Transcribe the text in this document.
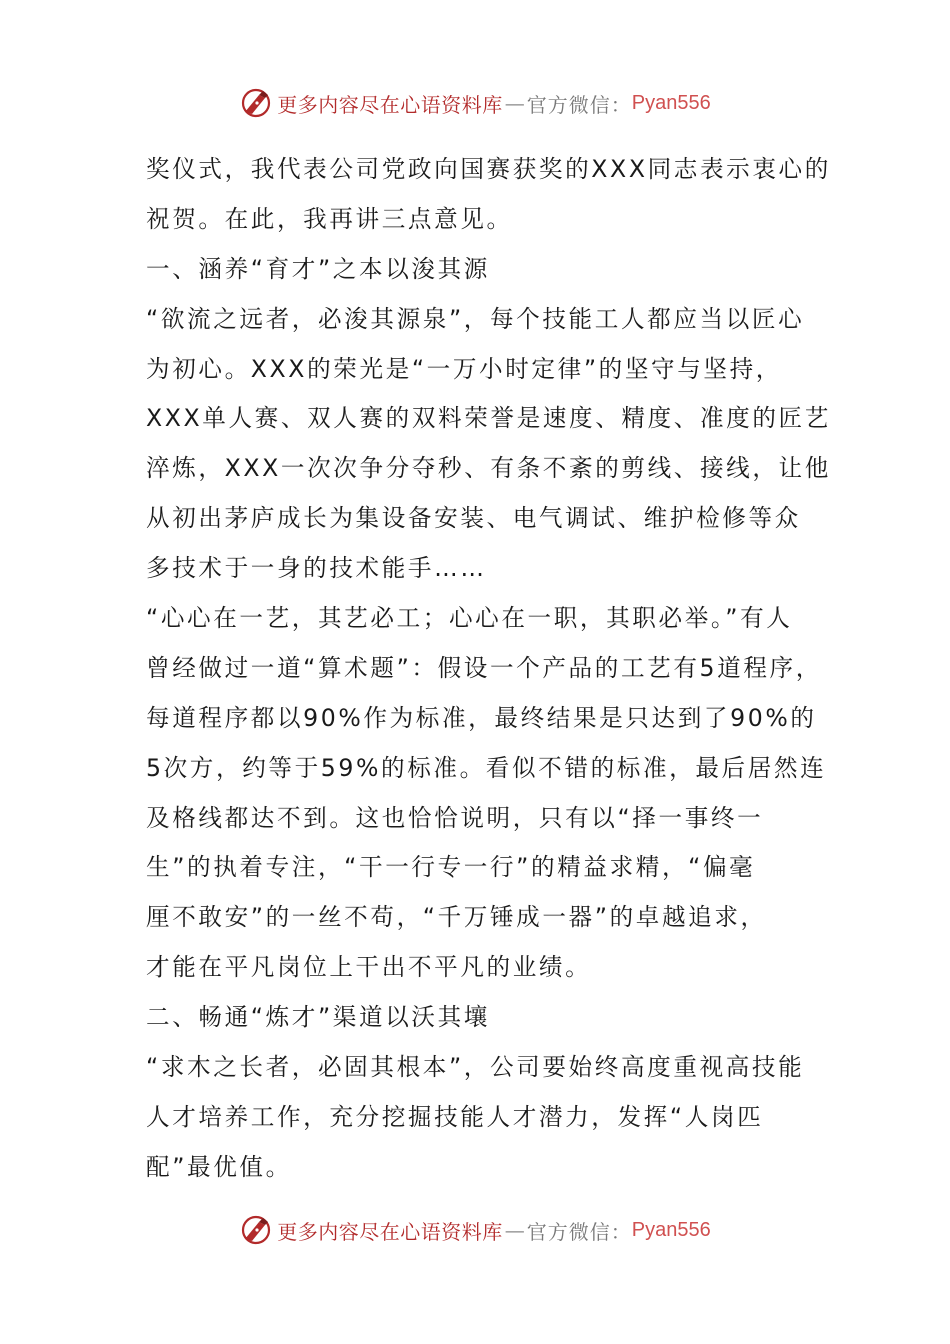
更多内容尽在心语资料库 — 官方微信： Pyan556
奖仪式，我代表公司党政向国赛获奖的XXX同志表示衷心的
祝贺。在此，我再讲三点意见。
一、涵养“育才”之本以浚其源
“欲流之远者，必浚其源泉”，每个技能工人都应当以匠心
为初心。XXX的荣光是“一万小时定律”的坚守与坚持，
XXX单人赛、双人赛的双料荣誉是速度、精度、准度的匠艺
淬炼，XXX一次次争分夺秒、有条不紊的剪线、接线，让他
从初出茅庐成长为集设备安装、电气调试、维护检修等众
多技术于一身的技术能手……
“心心在一艺，其艺必工；心心在一职，其职必举。”有人
曾经做过一道“算术题”：假设一个产品的工艺有5道程序，
每道程序都以90%作为标准，最终结果是只达到了90%的
5次方，约等于59%的标准。看似不错的标准，最后居然连
及格线都达不到。这也恰恰说明，只有以“择一事终一
生”的执着专注，“干一行专一行”的精益求精，“偏毫
厘不敢安”的一丝不苟，“千万锤成一器”的卓越追求，
才能在平凡岗位上干出不平凡的业绩。
二、畅通“炼才”渠道以沃其壤
“求木之长者，必固其根本”，公司要始终高度重视高技能
人才培养工作，充分挖掘技能人才潜力，发挥“人岗匹
配”最优值。
更多内容尽在心语资料库 — 官方微信： Pyan556
